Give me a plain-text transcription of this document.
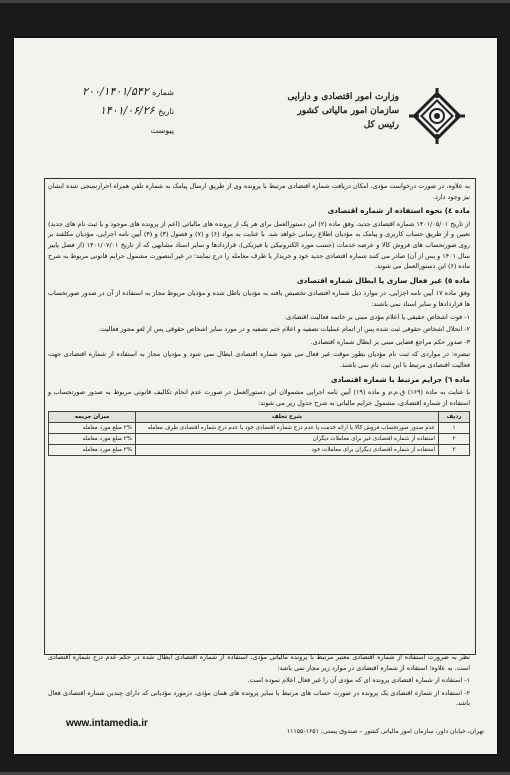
وزارت امور اقتصادی و دارایی
سازمان امور مالیاتی کشور
رئیس کل
شماره ۲۰۰/۱۴۰۱/۵۴۲
تاریخ ۱۴۰۱/۰۶/۲۶
پیوست

به علاوه، در صورت درخواست مؤدی، امکان دریافت شماره اقتصادی مرتبط با پرونده وی از طریق ارسال پیامک به شماره تلفن همراه احرازسنجی شده ایشان نیز وجود دارد.

ماده ٤) نحوه استفاده از شماره اقتصادی

از تاریخ ۱۴۰۱/۰۵/۰۱ شماره اقتصادی جدید، وفق ماده (۲) این دستورالعمل برای هر یک از پرونده های مالیاتی (اعم از پرونده های موجود و یا ثبت نام های جدید) تعیین و از طریق حساب کاربری و پیامک به مؤدیان اطلاع رسانی خواهد شد. با عنایت به مواد (۶) و (۷) و فصول (۳) و (۴) آیین نامه اجرایی، مؤدیان مکلفند بر روی صورتحساب های فروش کالا و عرضه خدمات (حسب مورد الکترونیکی یا فیزیکی)، قراردادها و سایر اسناد مشابهی که از تاریخ ۱۴۰۱/۰۷/۰۱ (از فصل پاییز سال ۱۴۰۱ و پس از آن) صادر می کنند شماره اقتصادی جدید خود و خریدار یا طرف معامله را درج نمایند؛ در غیر اینصورت مشمول جرایم قانونی مربوط به شرح ماده (۶) این دستورالعمل می شوند.

ماده ٥) غیر فعال سازی یا ابطال شماره اقتصادی

وفق ماده ۱۷ آیین نامه اجرایی، در موارد ذیل شماره اقتصادی تخصیص یافته به مؤدیان باطل شده و مؤدیان مربوط مجاز به استفاده از آن در صدور صورتحساب ها قراردادها و سایر اسناد نمی باشند:

۱- فوت اشخاص حقیقی یا اعلام مؤدی مبنی بر خاتمه فعالیت اقتصادی.

۲- انحلال اشخاص حقوقی ثبت شده پس از اتمام عملیات تصفیه و اعلام ختم تصفیه و در مورد سایر اشخاص حقوقی پس از لغو مجوز فعالیت.

۳- صدور حکم مراجع قضایی مبنی بر ابطال شماره اقتصادی.

تبصره: در مواردی که ثبت نام مؤدیان بطور موقت غیر فعال می شود شماره اقتصادی ابطال نمی شود و مؤدیان مجاز به استفاده از شماره اقتصادی جهت فعالیت اقتصادی مرتبط با این ثبت نام نمی باشند.

ماده ٦) جرایم مرتبط با شماره اقتصادی

با عنایت به ماده (۱۶۹) ق.م.م و ماده (۱۹) آیین نامه اجرایی مشمولان این دستورالعمل در صورت عدم انجام تکالیف قانونی مربوط به صدور صورتحساب و استفاده از شماره اقتصادی، مشمول جرایم مالیاتی به شرح جدول زیر می شوند:

ردیف	شرح تخلف	میزان جریمه
۱	عدم صدور صورتحساب فروش کالا یا ارائه خدمت یا عدم درج شماره اقتصادی خود یا عدم درج شماره اقتصادی طرف معامله	۲% مبلغ مورد معامله
۲	استفاده از شماره اقتصادی غیر برای معاملات دیگران	۲% مبلغ مورد معامله
۳	استفاده از شماره اقتصادی دیگران برای معاملات خود	۲% مبلغ مورد معامله

نظر به ضرورت استفاده از شماره اقتصادی معتبر مرتبط با پرونده مالیاتی مؤدی، استفاده از شماره اقتصادی ابطال شده در حکم عدم درج شماره اقتصادی است. به علاوه؛ استفاده از شماره اقتصادی در موارد زیر مجاز نمی باشد:

۱- استفاده از شماره اقتصادی پرونده ای که مؤدی آن را غیر فعال اعلام نموده است.

۲- استفاده از شماره اقتصادی یک پرونده در صورت حساب های مرتبط با سایر پرونده های همان مؤدی، درمورد مؤدیانی که دارای چندین شماره اقتصادی فعال باشد.

www.intamedia.ir
تهران، خیابان داور، سازمان امور مالیاتی کشور – صندوق پستی: ۱۶۵۱-۱۱۱۵۵
